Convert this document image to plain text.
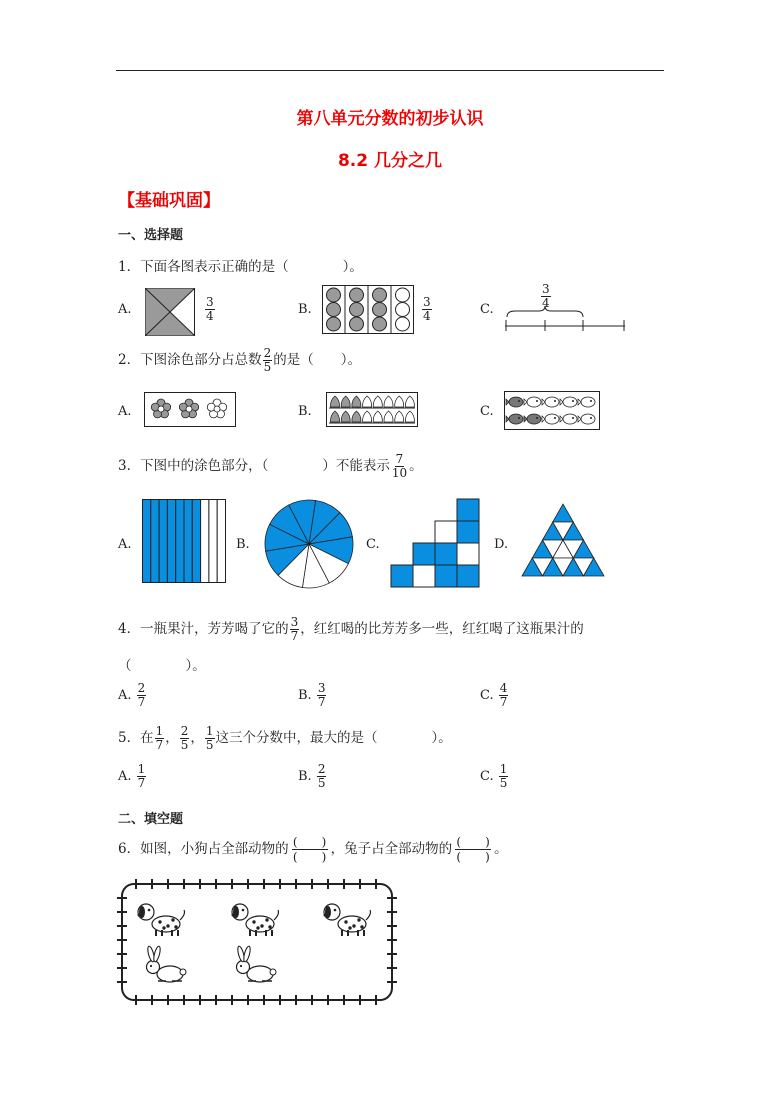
第八单元分数的初步认识
8.2 几分之几
【基础巩固】
一、选择题
1．下面各图表示正确的是（　　　　）。
A.	$\frac{3}{4}$	B.	$\frac{3}{4}$	C.	$\frac{3}{4}$
2．下图涂色部分占总数 $\frac{2}{5}$ 的是（　　）。
A.	B.	C.
3．下图中的涂色部分，（　　　　）不能表示 $\frac{7}{10}$ 。
A.	B.	C.	D.
4．一瓶果汁，芳芳喝了它的 $\frac{3}{7}$ ，红红喝的比芳芳多一些，红红喝了这瓶果汁的
（　　　　）。
A. $\frac{2}{7}$	B. $\frac{3}{7}$	C. $\frac{4}{7}$
5．在 $\frac{1}{7}$ ， $\frac{2}{5}$ ， $\frac{1}{5}$ 这三个分数中，最大的是（　　　　）。
A. $\frac{1}{7}$	B. $\frac{2}{5}$	C. $\frac{1}{5}$
二、填空题
6．如图，小狗占全部动物的 $\frac{( )}{( )}$ ，兔子占全部动物的 $\frac{( )}{( )}$ 。
